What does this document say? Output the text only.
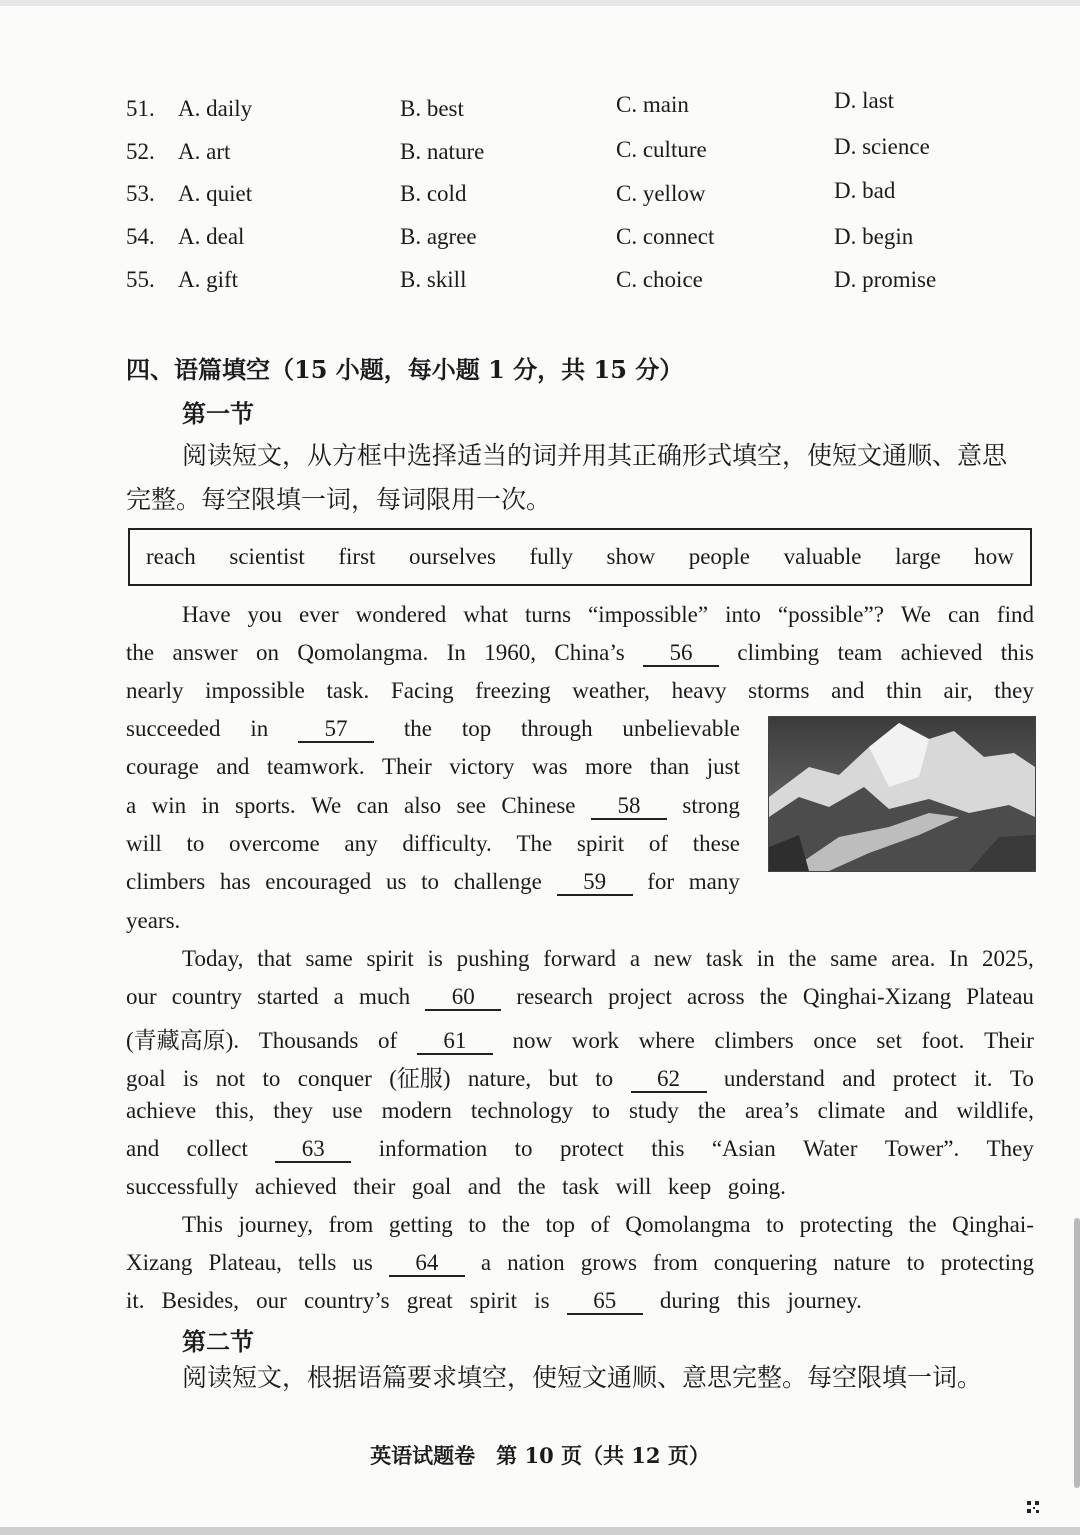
51. A. daily	B. best	C. main	D. last
52. A. art	B. nature	C. culture	D. science
53. A. quiet	B. cold	C. yellow	D. bad
54. A. deal	B. agree	C. connect	D. begin
55. A. gift	B. skill	C. choice	D. promise
四、语篇填空（15 小题，每小题 1 分，共 15 分）
第一节
阅读短文，从方框中选择适当的词并用其正确形式填空，使短文通顺、意思
完整。每空限填一词，每词限用一次。
reach scientist first ourselves fully show people valuable large how
Have you ever wondered what turns “impossible” into “possible”? We can find
the answer on Qomolangma. In 1960, China’s	56	climbing team achieved this
nearly impossible task. Facing freezing weather, heavy storms and thin air, they
succeeded in	57	the top through unbelievable
courage and teamwork. Their victory was more than just
a win in sports. We can also see Chinese	58	strong
will to overcome any difficulty. The spirit of these
climbers has encouraged us to challenge	59	for many
years.
Today, that same spirit is pushing forward a new task in the same area. In 2025,
our country started a much	60	research project across the Qinghai-Xizang Plateau
(青藏高原). Thousands of	61	now work where climbers once set foot. Their
goal is not to conquer (征服) nature, but to	62	understand and protect it. To
achieve this, they use modern technology to study the area’s climate and wildlife,
and collect	63	information to protect this “Asian Water Tower”. They
successfully achieved their goal and the task will keep going.
This journey, from getting to the top of Qomolangma to protecting the Qinghai-
Xizang Plateau, tells us	64	a nation grows from conquering nature to protecting
it. Besides, our country’s great spirit is	65	during this journey.
第二节
阅读短文，根据语篇要求填空，使短文通顺、意思完整。每空限填一词。
英语试题卷　第 10 页（共 12 页）
